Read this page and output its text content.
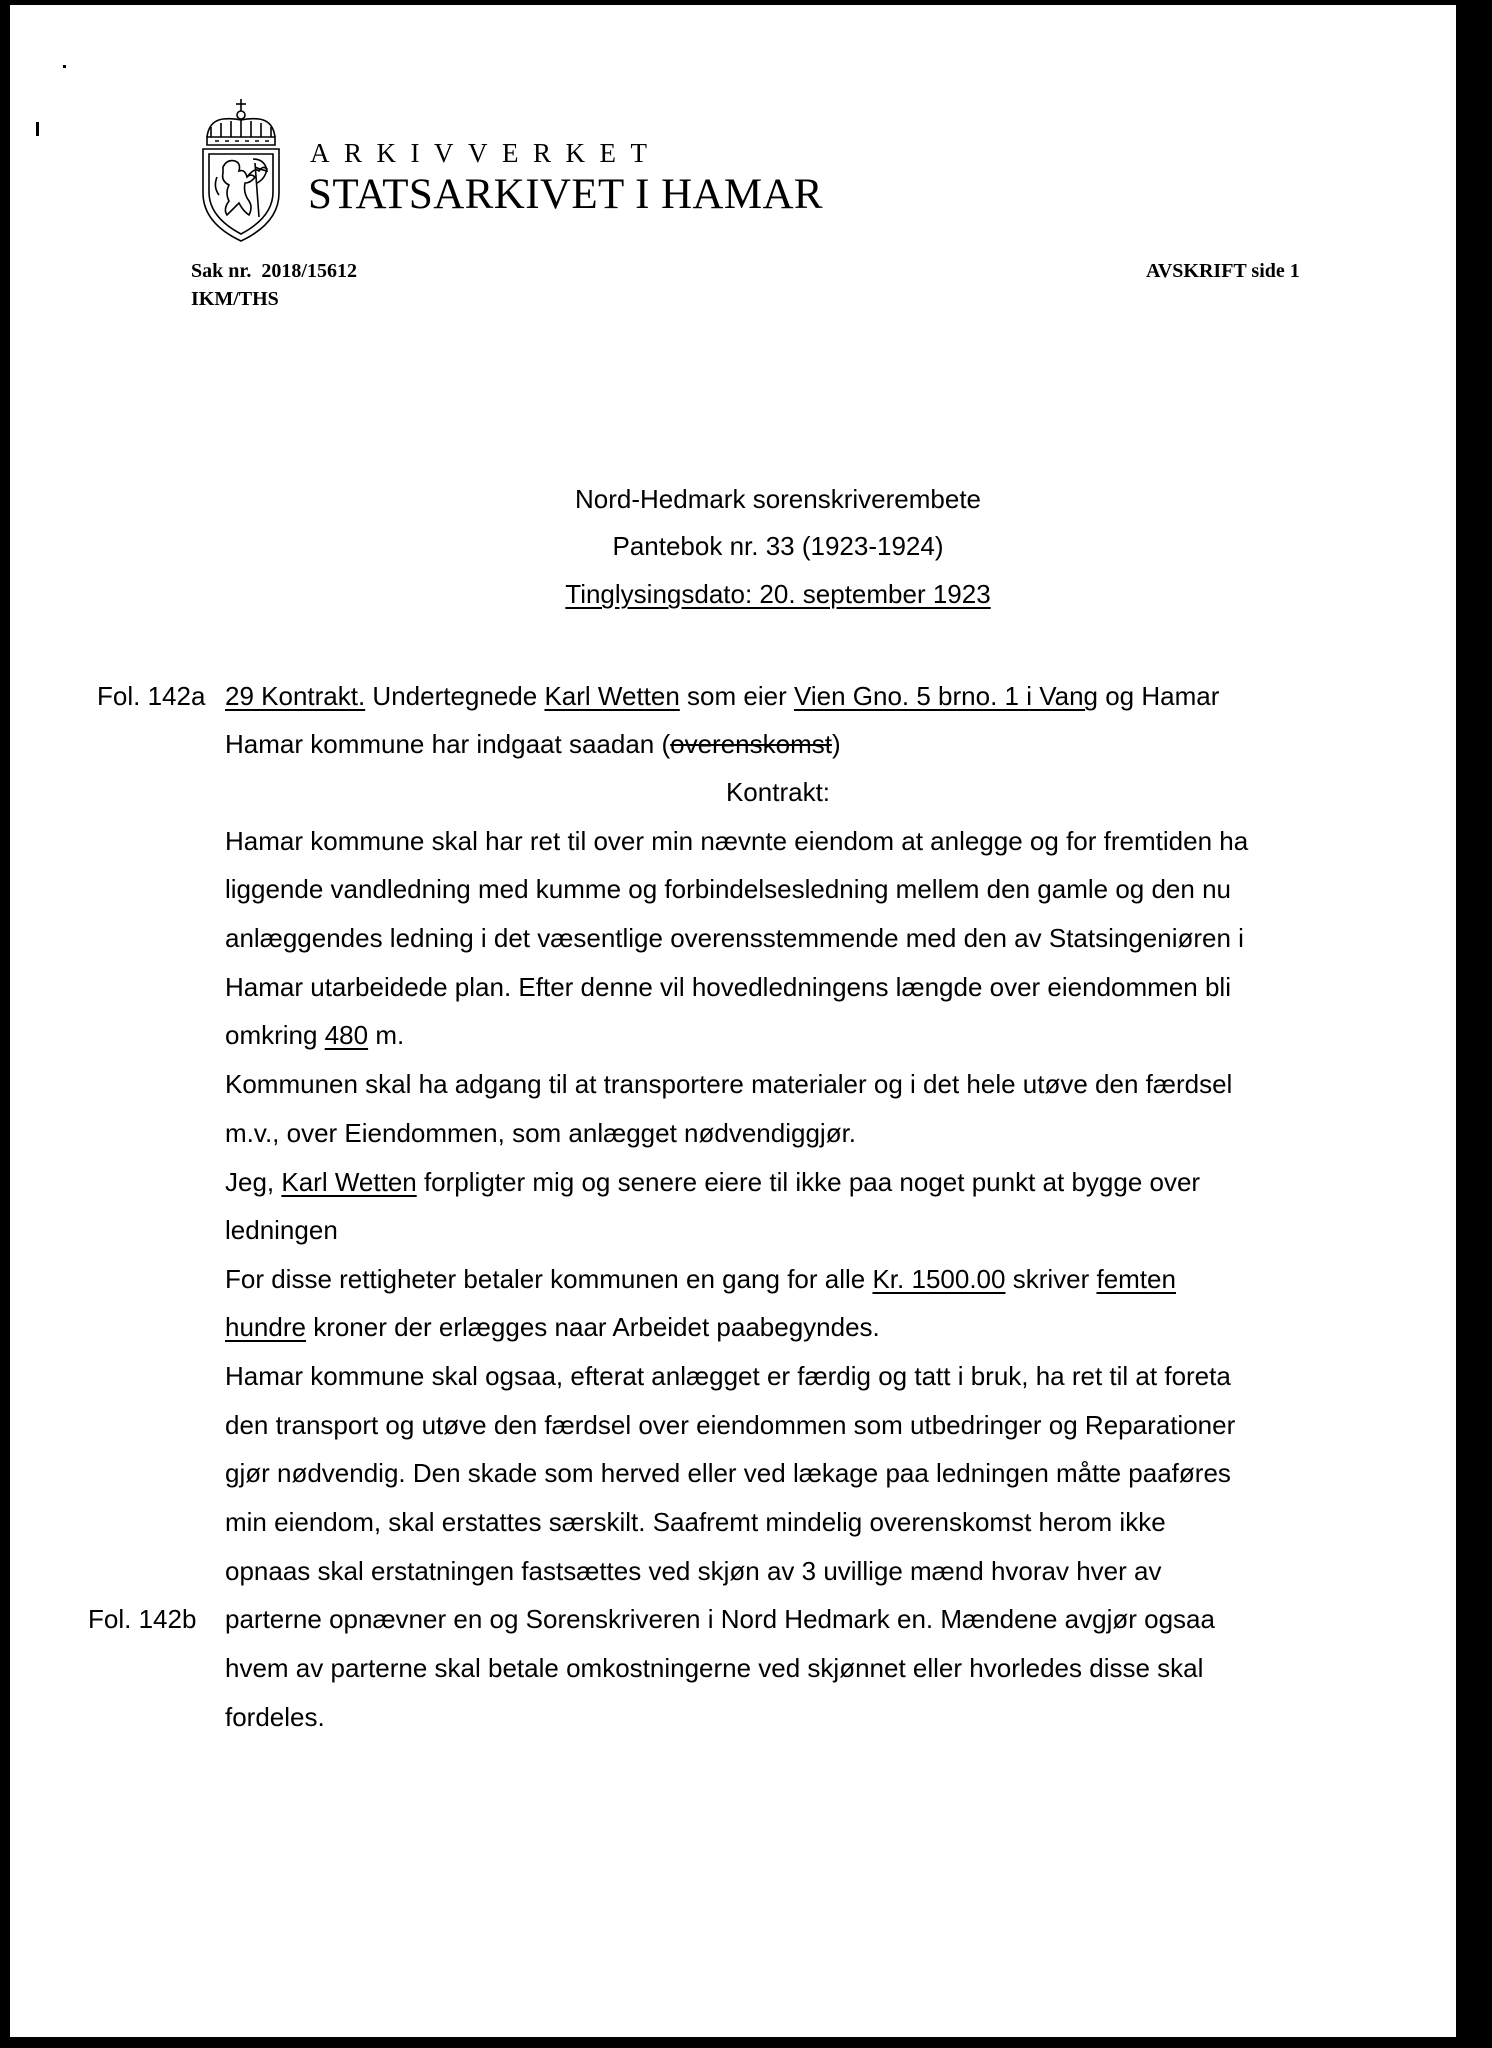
ARKIVVERKET
STATSARKIVET I HAMAR
Sak nr.  2018/15612
IKM/THS
AVSKRIFT side 1
Nord-Hedmark sorenskriverembete
Pantebok nr. 33 (1923-1924)
Tinglysingsdato: 20. september 1923
Fol. 142a 29 Kontrakt. Undertegnede Karl Wetten som eier Vien Gno. 5 brno. 1 i Vang og Hamar
Hamar kommune har indgaat saadan (overenskomst)
Kontrakt:
Hamar kommune skal har ret til over min nævnte eiendom at anlegge og for fremtiden ha
liggende vandledning med kumme og forbindelsesledning mellem den gamle og den nu
anlæggendes ledning i det væsentlige overensstemmende med den av Statsingeniøren i
Hamar utarbeidede plan. Efter denne vil hovedledningens længde over eiendommen bli
omkring 480 m.
Kommunen skal ha adgang til at transportere materialer og i det hele utøve den færdsel
m.v., over Eiendommen, som anlægget nødvendiggjør.
Jeg, Karl Wetten forpligter mig og senere eiere til ikke paa noget punkt at bygge over
ledningen
For disse rettigheter betaler kommunen en gang for alle Kr. 1500.00 skriver femten
hundre kroner der erlægges naar Arbeidet paabegyndes.
Hamar kommune skal ogsaa, efterat anlægget er færdig og tatt i bruk, ha ret til at foreta
den transport og utøve den færdsel over eiendommen som utbedringer og Reparationer
gjør nødvendig. Den skade som herved eller ved lækage paa ledningen måtte paaføres
min eiendom, skal erstattes særskilt. Saafremt mindelig overenskomst herom ikke
opnaas skal erstatningen fastsættes ved skjøn av 3 uvillige mænd hvorav hver av
Fol. 142b parterne opnævner en og Sorenskriveren i Nord Hedmark en. Mændene avgjør ogsaa
hvem av parterne skal betale omkostningerne ved skjønnet eller hvorledes disse skal
fordeles.
